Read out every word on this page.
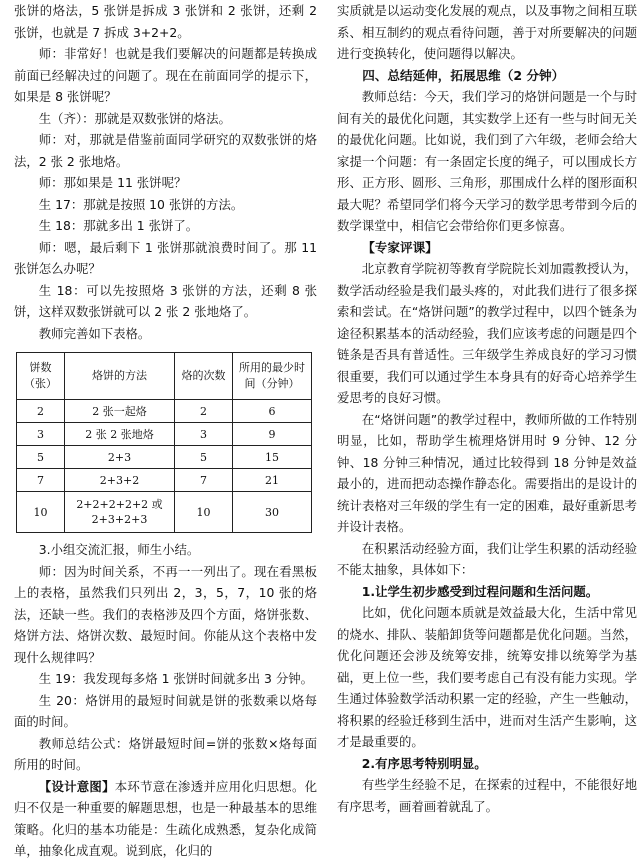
张饼的烙法，5 张饼是拆成 3 张饼和 2 张饼，还剩 2 张饼，也就是 7 拆成 3+2+2。

师：非常好！也就是我们要解决的问题都是转换成前面已经解决过的问题了。现在在前面同学的提示下，如果是 8 张饼呢？

生（齐）：那就是双数张饼的烙法。

师：对，那就是借鉴前面同学研究的双数张饼的烙法，2 张 2 张地烙。

师：那如果是 11 张饼呢？

生 17：那就是按照 10 张饼的方法。

生 18：那就多出 1 张饼了。

师：嗯，最后剩下 1 张饼那就浪费时间了。那 11 张饼怎么办呢？

生 18：可以先按照烙 3 张饼的方法，还剩 8 张饼，这样双数张饼就可以 2 张 2 张地烙了。

教师完善如下表格。

饼数（张）	烙饼的方法	烙的次数	所用的最少时间（分钟）
2	2 张一起烙	2	6
3	2 张 2 张地烙	3	9
5	2+3	5	15
7	2+3+2	7	21
10	2+2+2+2+2 或 2+3+2+3	10	30

3.小组交流汇报，师生小结。

师：因为时间关系，不再一一列出了。现在看黑板上的表格，虽然我们只列出 2，3，5，7，10 张的烙法，还缺一些。我们的表格涉及四个方面，烙饼张数、烙饼方法、烙饼次数、最短时间。你能从这个表格中发现什么规律吗？

生 19：我发现每多烙 1 张饼时间就多出 3 分钟。

生 20：烙饼用的最短时间就是饼的张数乘以烙每面的时间。

教师总结公式：烙饼最短时间=饼的张数×烙每面所用的时间。

【设计意图】本环节意在渗透并应用化归思想。化归不仅是一种重要的解题思想，也是一种最基本的思维策略。化归的基本功能是：生疏化成熟悉，复杂化成简单，抽象化成直观。说到底，化归的

实质就是以运动变化发展的观点，以及事物之间相互联系、相互制约的观点看待问题，善于对所要解决的问题进行变换转化，使问题得以解决。

四、总结延伸，拓展思维（2 分钟）

教师总结：今天，我们学习的烙饼问题是一个与时间有关的最优化问题，其实数学上还有一些与时间无关的最优化问题。比如说，我们到了六年级，老师会给大家提一个问题：有一条固定长度的绳子，可以围成长方形、正方形、圆形、三角形，那围成什么样的图形面积最大呢？希望同学们将今天学习的数学思考带到今后的数学课堂中，相信它会带给你们更多惊喜。

【专家评课】

北京教育学院初等教育学院院长刘加霞教授认为，数学活动经验是我们最头疼的，对此我们进行了很多探索和尝试。在“烙饼问题”的教学过程中，以四个链条为途径积累基本的活动经验，我们应该考虑的问题是四个链条是否具有普适性。三年级学生养成良好的学习习惯很重要，我们可以通过学生本身具有的好奇心培养学生爱思考的良好习惯。

在“烙饼问题”的教学过程中，教师所做的工作特别明显，比如，帮助学生梳理烙饼用时 9 分钟、12 分钟、18 分钟三种情况，通过比较得到 18 分钟是效益最小的，进而把动态操作静态化。需要指出的是设计的统计表格对三年级的学生有一定的困难，最好重新思考并设计表格。

在积累活动经验方面，我们让学生积累的活动经验不能太抽象，具体如下：

1.让学生初步感受到过程问题和生活问题。

比如，优化问题本质就是效益最大化，生活中常见的烧水、排队、装船卸货等问题都是优化问题。当然，优化问题还会涉及统筹安排，统筹安排以统筹学为基础，更上位一些，我们要考虑自己有没有能力实现。学生通过体验数学活动积累一定的经验，产生一些触动，将积累的经验迁移到生活中，进而对生活产生影响，这才是最重要的。

2.有序思考特别明显。

有些学生经验不足，在探索的过程中，不能很好地有序思考，画着画着就乱了。
